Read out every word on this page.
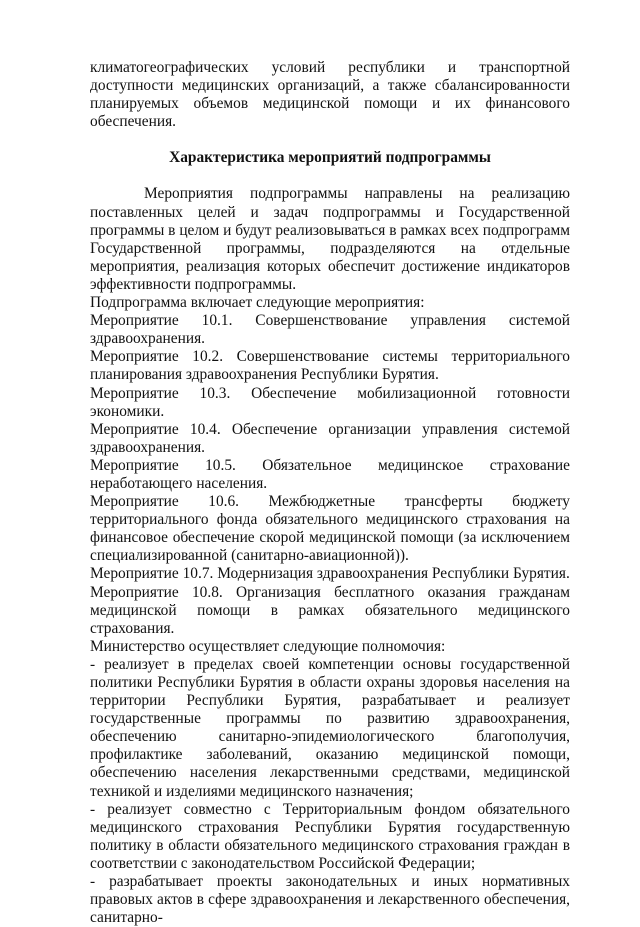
климатогеографических условий республики и транспортной доступности медицинских организаций, а также сбалансированности планируемых объемов медицинской помощи и их финансового обеспечения.

Характеристика мероприятий подпрограммы

Мероприятия подпрограммы направлены на реализацию поставленных целей и задач подпрограммы и Государственной программы в целом и будут реализовываться в рамках всех подпрограмм Государственной программы, подразделяются на отдельные мероприятия, реализация которых обеспечит достижение индикаторов эффективности подпрограммы.

Подпрограмма включает следующие мероприятия:

Мероприятие 10.1. Совершенствование управления системой здравоохранения.

Мероприятие 10.2. Совершенствование системы территориального планирования здравоохранения Республики Бурятия.

Мероприятие 10.3. Обеспечение мобилизационной готовности экономики.

Мероприятие 10.4. Обеспечение организации управления системой здравоохранения.

Мероприятие 10.5. Обязательное медицинское страхование неработающего населения.

Мероприятие 10.6. Межбюджетные трансферты бюджету территориального фонда обязательного медицинского страхования на финансовое обеспечение скорой медицинской помощи (за исключением специализированной (санитарно-авиационной)).

Мероприятие 10.7. Модернизация здравоохранения Республики Бурятия.

Мероприятие 10.8. Организация бесплатного оказания гражданам медицинской помощи в рамках обязательного медицинского страхования.

Министерство осуществляет следующие полномочия:

- реализует в пределах своей компетенции основы государственной политики Республики Бурятия в области охраны здоровья населения на территории Республики Бурятия, разрабатывает и реализует государственные программы по развитию здравоохранения, обеспечению санитарно-эпидемиологического благополучия, профилактике заболеваний, оказанию медицинской помощи, обеспечению населения лекарственными средствами, медицинской техникой и изделиями медицинского назначения;

- реализует совместно с Территориальным фондом обязательного медицинского страхования Республики Бурятия государственную политику в области обязательного медицинского страхования граждан в соответствии с законодательством Российской Федерации;

- разрабатывает проекты законодательных и иных нормативных правовых актов в сфере здравоохранения и лекарственного обеспечения, санитарно-
